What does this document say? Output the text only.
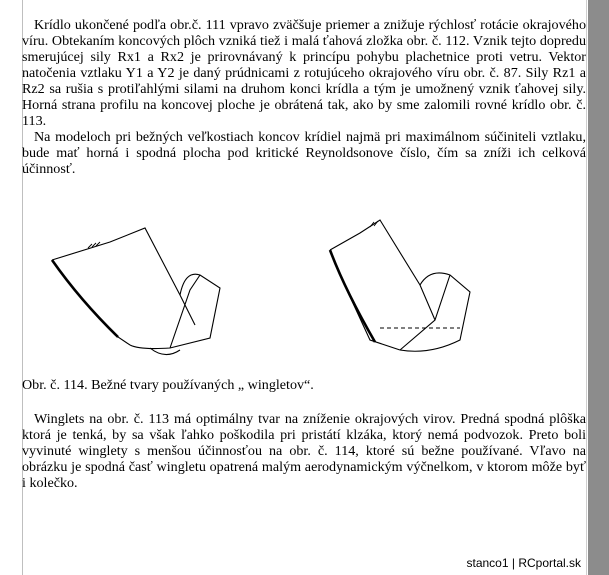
Krídlo ukončené podľa obr.č. 111 vpravo zväčšuje priemer a znižuje rýchlosť rotácie okrajového víru. Obtekaním koncových plôch vzniká tiež i malá ťahová zložka obr. č. 112. Vznik tejto dopredu smerujúcej sily Rx1 a Rx2 je prirovnávaný k princípu pohybu plachetnice proti vetru. Vektor natočenia vztlaku Y1 a Y2 je daný prúdnicami z rotujúceho okrajového víru obr. č. 87. Sily Rz1 a Rz2 sa rušia s protiľahlými silami na druhom konci krídla a tým je umožnený vznik ťahovej sily. Horná strana profilu na koncovej ploche je obrátená tak, ako by sme zalomili rovné krídlo obr. č. 113.

Na modeloch pri bežných veľkostiach koncov krídiel najmä pri maximálnom súčiniteli vztlaku, bude mať horná i spodná plocha pod kritické Reynoldsonove číslo, čím sa zníži ich celková účinnosť.

Obr. č. 114. Bežné tvary používaných „ wingletov“.

Winglets na obr. č. 113 má optimálny tvar na zníženie okrajových virov. Predná spodná plôška ktorá je tenká, by sa však ľahko poškodila pri pristátí klzáka, ktorý nemá podvozok. Preto boli vyvinuté winglety s menšou účinnosťou na obr. č. 114, ktoré sú bežne používané. Vľavo na obrázku je spodná časť wingletu opatrená malým aerodynamickým výčnelkom, v ktorom môže byť i kolečko.

stanco1 | RCportal.sk
